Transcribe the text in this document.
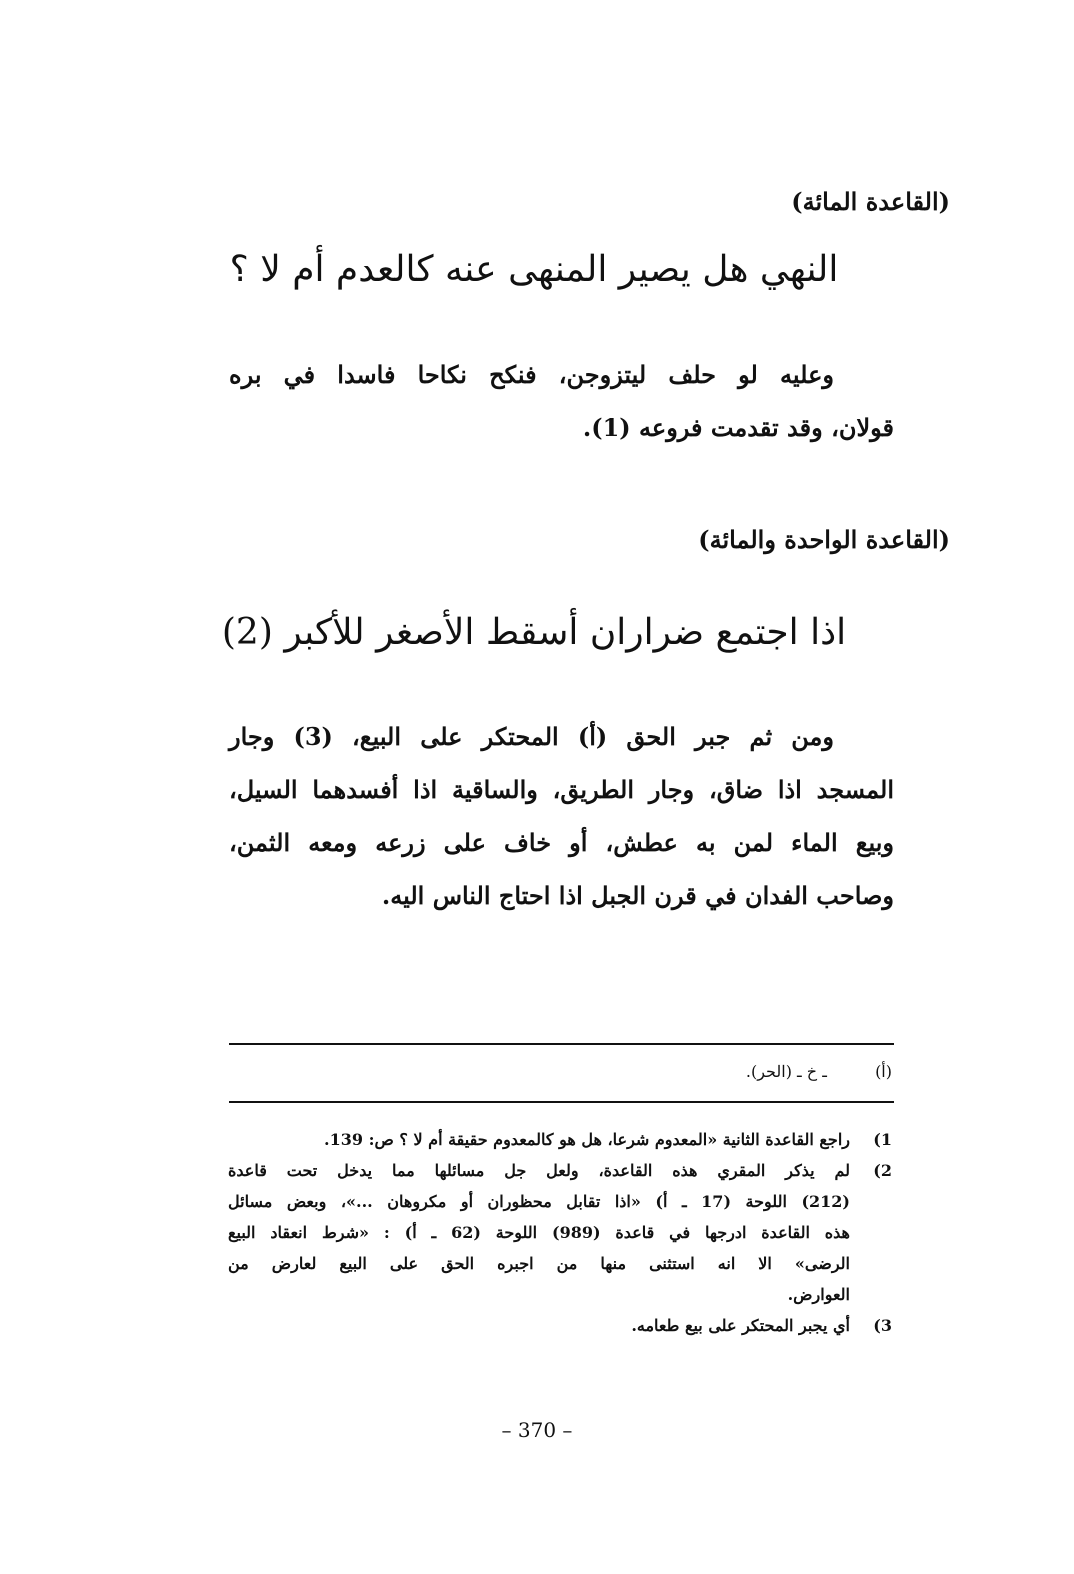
(القاعدة المائة)
النهي هل يصير المنهى عنه كالعدم أم لا ؟
وعليه لو حلف ليتزوجن، فنكح نكاحا فاسدا في بره
قولان، وقد تقدمت فروعه (1).
(القاعدة الواحدة والمائة)
اذا اجتمع ضراران أسقط الأصغر للأكبر (2)
ومن ثم جبر الحق (أ) المحتكر على البيع، (3) وجار
المسجد اذا ضاق، وجار الطريق، والساقية اذا أفسدهما السيل،
وبيع الماء لمن به عطش، أو خاف على زرعه ومعه الثمن،
وصاحب الفدان في قرن الجبل اذا احتاج الناس اليه.
(أ) ـ خ ـ (الحر).
1)
راجع القاعدة الثانية «المعدوم شرعا، هل هو كالمعدوم حقيقة أم لا ؟ ص: 139.
2)
لم يذكر المقري هذه القاعدة، ولعل جل مسائلها مما يدخل تحت قاعدة
(212) اللوحة (17 ـ أ) «اذا تقابل محظوران أو مكروهان ...»، وبعض مسائل
هذه القاعدة ادرجها في قاعدة (989) اللوحة (62 ـ أ) : «شرط انعقاد البيع
الرضى» الا انه استثنى منها من اجبره الحق على البيع لعارض من
العوارض.
3)
أي يجبر المحتكر على بيع طعامه.
– 370 –
